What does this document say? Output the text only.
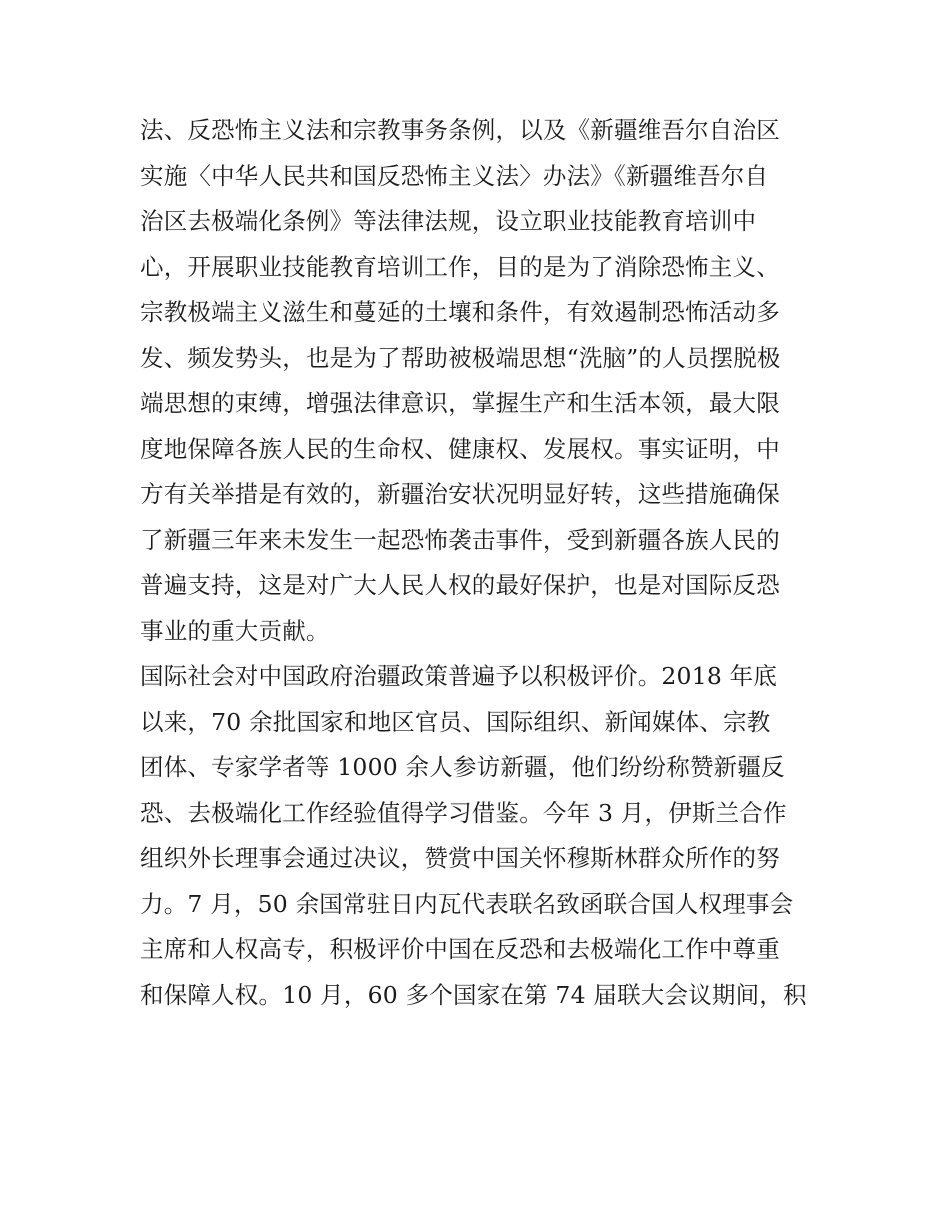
法、反恐怖主义法和宗教事务条例，以及《新疆维吾尔自治区
实施〈中华人民共和国反恐怖主义法〉办法》《新疆维吾尔自
治区去极端化条例》等法律法规，设立职业技能教育培训中
心，开展职业技能教育培训工作，目的是为了消除恐怖主义、
宗教极端主义滋生和蔓延的土壤和条件，有效遏制恐怖活动多
发、频发势头，也是为了帮助被极端思想“洗脑”的人员摆脱极
端思想的束缚，增强法律意识，掌握生产和生活本领，最大限
度地保障各族人民的生命权、健康权、发展权。事实证明，中
方有关举措是有效的，新疆治安状况明显好转，这些措施确保
了新疆三年来未发生一起恐怖袭击事件，受到新疆各族人民的
普遍支持，这是对广大人民人权的最好保护，也是对国际反恐
事业的重大贡献。
国际社会对中国政府治疆政策普遍予以积极评价。2018 年底
以来，70 余批国家和地区官员、国际组织、新闻媒体、宗教
团体、专家学者等 1000 余人参访新疆，他们纷纷称赞新疆反
恐、去极端化工作经验值得学习借鉴。今年 3 月，伊斯兰合作
组织外长理事会通过决议，赞赏中国关怀穆斯林群众所作的努
力。7 月，50 余国常驻日内瓦代表联名致函联合国人权理事会
主席和人权高专，积极评价中国在反恐和去极端化工作中尊重
和保障人权。10 月，60 多个国家在第 74 届联大会议期间，积
